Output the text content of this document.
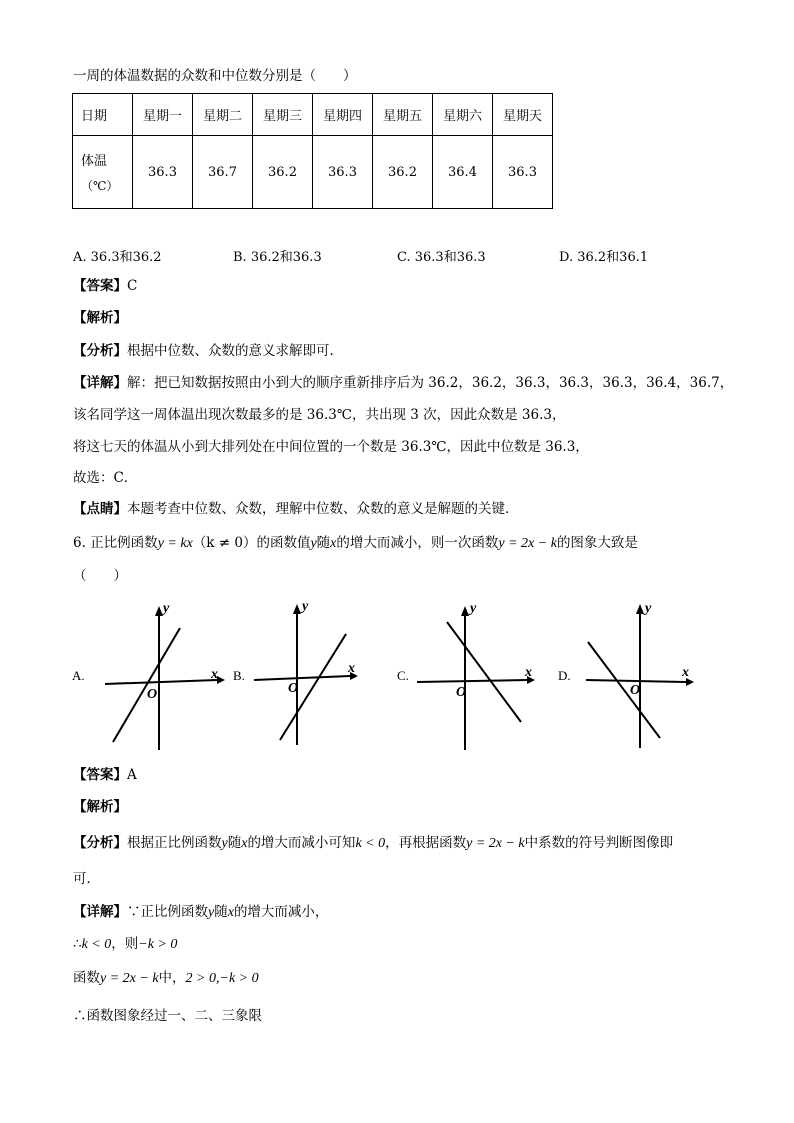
一周的体温数据的众数和中位数分别是（　　）
日期	星期一	星期二	星期三	星期四	星期五	星期六	星期天
体温
（℃）	36.3	36.7	36.2	36.3	36.2	36.4	36.3
A. 36.3和36.2	B. 36.2和36.3	C. 36.3和36.3	D. 36.2和36.1
【答案】C
【解析】
【分析】根据中位数、众数的意义求解即可．
【详解】解：把已知数据按照由小到大的顺序重新排序后为 36.2，36.2，36.3，36.3，36.3，36.4，36.7，
该名同学这一周体温出现次数最多的是 36.3℃，共出现 3 次，因此众数是 36.3，
将这七天的体温从小到大排列处在中间位置的一个数是 36.3℃，因此中位数是 36.3，
故选：C．
【点睛】本题考查中位数、众数，理解中位数、众数的意义是解题的关键．
6. 正比例函数y = kx（k ≠ 0）的函数值y随x的增大而减小，则一次函数y = 2x − k的图象大致是
（　　）
A.
y
x
O
B.
y
x
O
C.
y
x
O
D.
y
x
O
【答案】A
【解析】
【分析】根据正比例函数y随x的增大而减小可知k < 0，再根据函数y = 2x − k中系数的符号判断图像即
可．
【详解】∵正比例函数y随x的增大而减小，
∴k < 0，则−k > 0
函数y = 2x − k中，2 > 0,−k > 0
∴函数图象经过一、二、三象限
